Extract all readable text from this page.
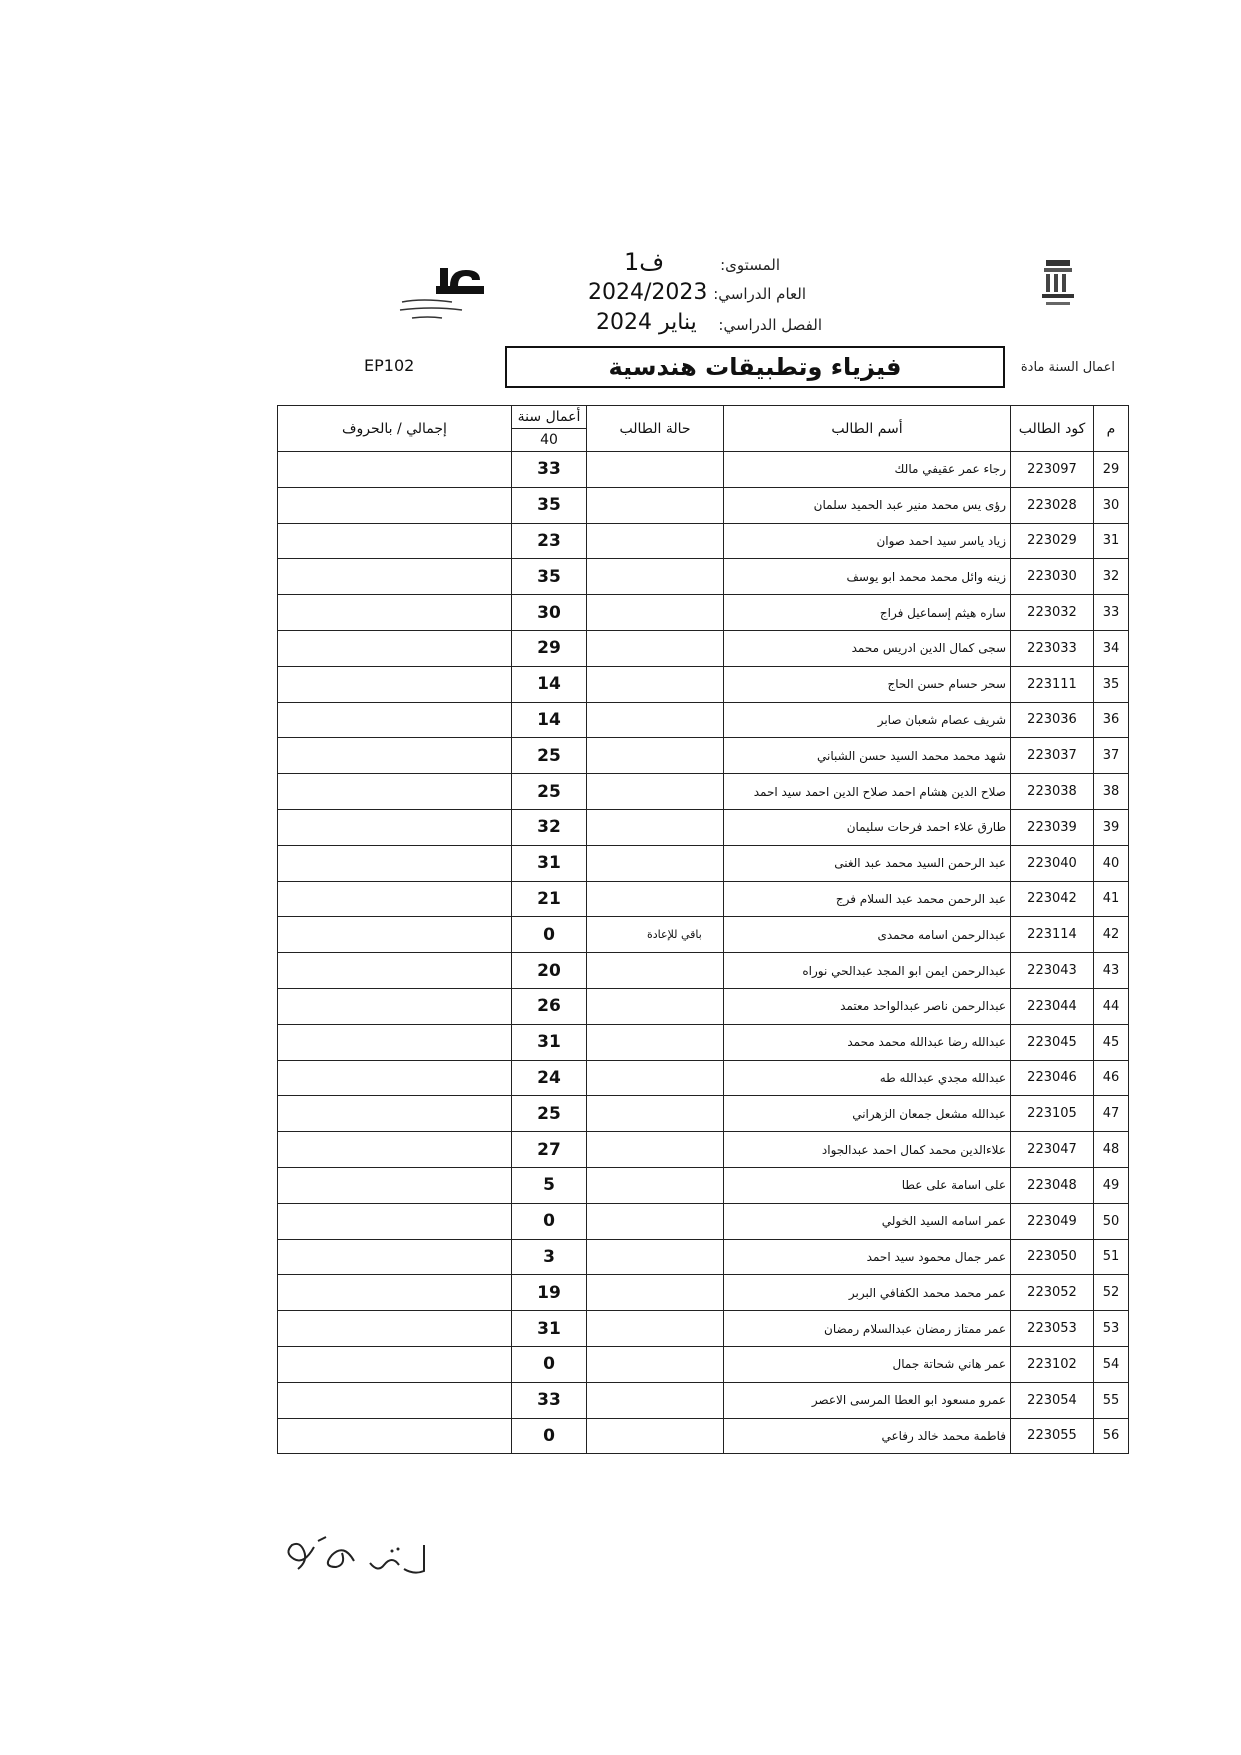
المستوى:
ف1
العام الدراسي:
2024/2023
الفصل الدراسي:
يناير 2024
EP102	فيزياء وتطبيقات هندسية	اعمال السنة مادة
م	كود الطالب	أسم الطالب	حالة الطالب	أعمال سنة	إجمالي / بالحروف
				40	
29	223097	رجاء عمر عقيفي مالك		33	
30	223028	رؤى يس محمد منير عبد الحميد سلمان		35	
31	223029	زياد ياسر سيد احمد صوان		23	
32	223030	زينه وائل محمد محمد ابو يوسف		35	
33	223032	ساره هيثم إسماعيل فراج		30	
34	223033	سجى كمال الدين ادريس محمد		29	
35	223111	سحر حسام حسن الحاج		14	
36	223036	شريف عصام شعبان صابر		14	
37	223037	شهد محمد محمد السيد حسن الشباني		25	
38	223038	صلاح الدين هشام احمد صلاح الدين احمد سيد احمد		25	
39	223039	طارق علاء احمد فرحات سليمان		32	
40	223040	عبد الرحمن السيد محمد عبد الغنى		31	
41	223042	عبد الرحمن محمد عبد السلام فرج		21	
42	223114	عبدالرحمن اسامه محمدى	باقي للإعادة	0	
43	223043	عبدالرحمن ايمن ابو المجد عبدالحي نوراه		20	
44	223044	عبدالرحمن ناصر عبدالواحد معتمد		26	
45	223045	عبدالله رضا عبدالله محمد محمد		31	
46	223046	عبدالله مجدي عبدالله طه		24	
47	223105	عبدالله مشعل جمعان الزهراني		25	
48	223047	علاءالدين محمد كمال احمد عبدالجواد		27	
49	223048	على اسامة على عطا		5	
50	223049	عمر اسامه السيد الخولي		0	
51	223050	عمر جمال محمود سيد احمد		3	
52	223052	عمر محمد محمد الكفافي البربر		19	
53	223053	عمر ممتاز رمضان عبدالسلام رمضان		31	
54	223102	عمر هاني شحاتة جمال		0	
55	223054	عمرو مسعود ابو العطا المرسى الاعصر		33	
56	223055	فاطمة محمد خالد رفاعي		0	
